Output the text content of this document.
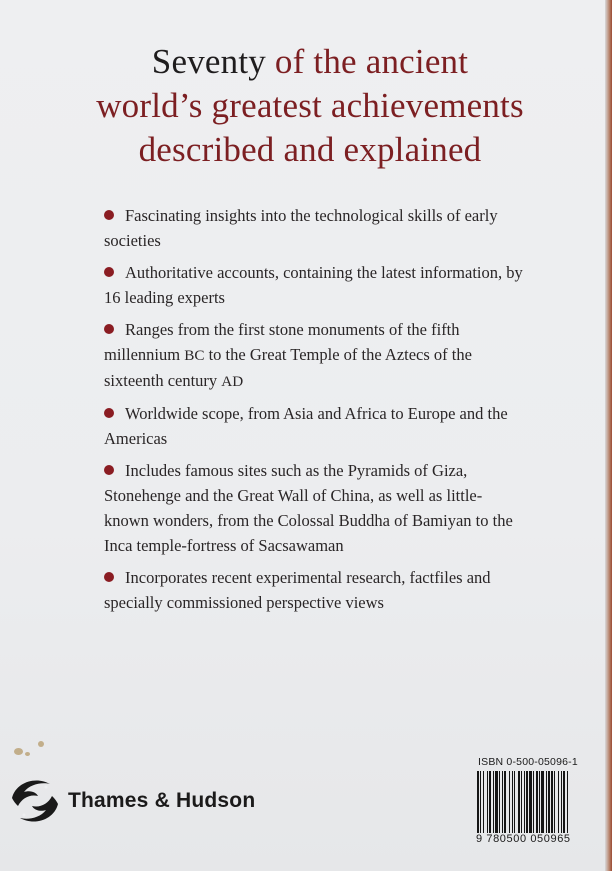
Seventy of the ancient
world’s greatest achievements
described and explained
Fascinating insights into the technological skills of early societies
Authoritative accounts, containing the latest information, by 16 leading experts
Ranges from the first stone monuments of the fifth millennium BC to the Great Temple of the Aztecs of the sixteenth century AD
Worldwide scope, from Asia and Africa to Europe and the Americas
Includes famous sites such as the Pyramids of Giza, Stonehenge and the Great Wall of China, as well as little-known wonders, from the Colossal Buddha of Bamiyan to the Inca temple-fortress of Sacsawaman
Incorporates recent experimental research, factfiles and specially commissioned perspective views
Thames & Hudson
ISBN 0-500-05096-1
9 780500 050965
